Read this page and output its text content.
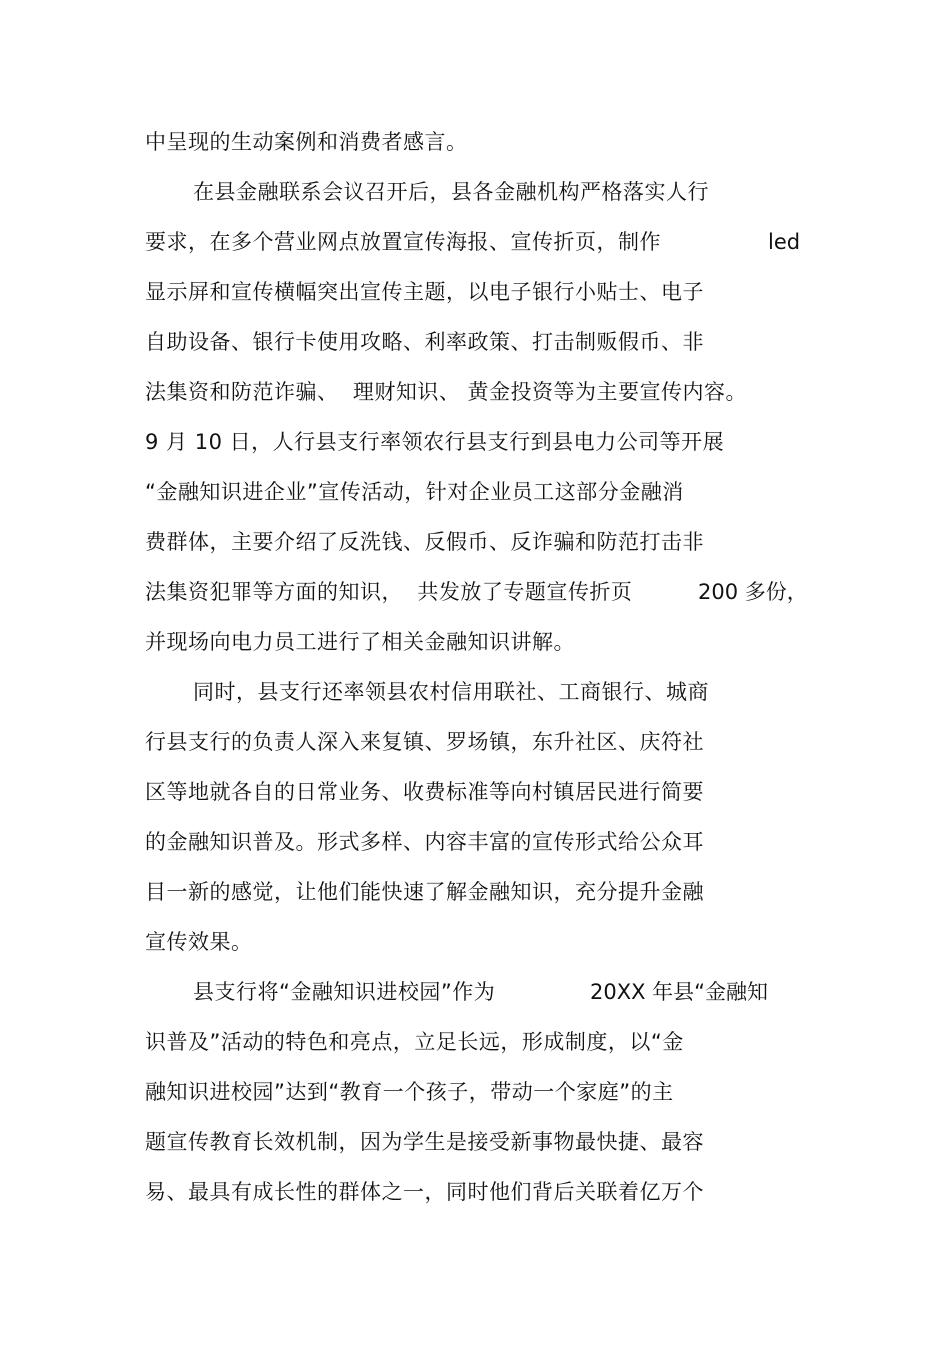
中呈现的生动案例和消费者感言。
在县金融联系会议召开后，县各金融机构严格落实人行
要求，在多个营业网点放置宣传海报、宣传折页，制作	led
显示屏和宣传横幅突出宣传主题，以电子银行小贴士、电子
自助设备、银行卡使用攻略、利率政策、打击制贩假币、非
法集资和防范诈骗、  理财知识、 黄金投资等为主要宣传内容。
9 月 10 日，人行县支行率领农行县支行到县电力公司等开展
“金融知识进企业”宣传活动，针对企业员工这部分金融消
费群体，主要介绍了反洗钱、反假币、反诈骗和防范打击非
法集资犯罪等方面的知识，  共发放了专题宣传折页	200 多份，
并现场向电力员工进行了相关金融知识讲解。
同时，县支行还率领县农村信用联社、工商银行、城商
行县支行的负责人深入来复镇、罗场镇，东升社区、庆符社
区等地就各自的日常业务、收费标准等向村镇居民进行简要
的金融知识普及。形式多样、内容丰富的宣传形式给公众耳
目一新的感觉，让他们能快速了解金融知识，充分提升金融
宣传效果。
县支行将“金融知识进校园”作为	20XX 年县“金融知
识普及”活动的特色和亮点，立足长远，形成制度，以“金
融知识进校园”达到“教育一个孩子，带动一个家庭”的主
题宣传教育长效机制，因为学生是接受新事物最快捷、最容
易、最具有成长性的群体之一，同时他们背后关联着亿万个
